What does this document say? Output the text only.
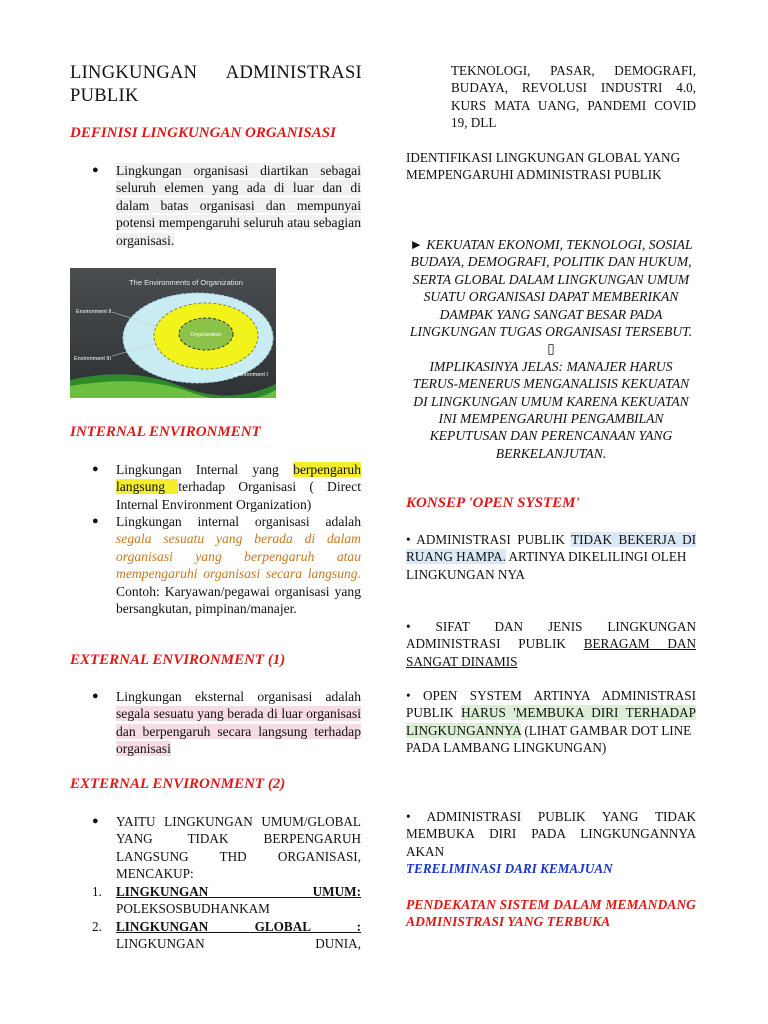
LINGKUNGAN ADMINISTRASI PUBLIK
DEFINISI LINGKUNGAN ORGANISASI
● Lingkungan organisasi diartikan sebagai seluruh elemen yang ada di luar dan di dalam batas organisasi dan mempunyai potensi mempengaruhi seluruh atau sebagian organisasi.
The Environments of Organization
Organization
Environment II
Environment III
Environment I
INTERNAL ENVIRONMENT
● Lingkungan Internal yang berpengaruh langsung terhadap Organisasi ( Direct Internal Environment Organization)
● Lingkungan internal organisasi adalah segala sesuatu yang berada di dalam organisasi yang berpengaruh atau mempengaruhi organisasi secara langsung. Contoh: Karyawan/pegawai organisasi yang bersangkutan, pimpinan/manajer.
EXTERNAL ENVIRONMENT (1)
● Lingkungan eksternal organisasi adalah segala sesuatu yang berada di luar organisasi dan berpengaruh secara langsung terhadap organisasi
EXTERNAL ENVIRONMENT (2)
● YAITU LINGKUNGAN UMUM/GLOBAL YANG TIDAK BERPENGARUH LANGSUNG THD ORGANISASI, MENCAKUP:
1. LINGKUNGAN UMUM:
POLEKSOSBUDHANKAM
2. LINGKUNGAN GLOBAL :
LINGKUNGAN DUNIA,
TEKNOLOGI, PASAR, DEMOGRAFI, BUDAYA, REVOLUSI INDUSTRI 4.0, KURS MATA UANG, PANDEMI COVID 19, DLL
IDENTIFIKASI LINGKUNGAN GLOBAL YANG
MEMPENGARUHI ADMINISTRASI PUBLIK
► KEKUATAN EKONOMI, TEKNOLOGI, SOSIAL BUDAYA, DEMOGRAFI, POLITIK DAN HUKUM, SERTA GLOBAL DALAM LINGKUNGAN UMUM SUATU ORGANISASI DAPAT MEMBERIKAN DAMPAK YANG SANGAT BESAR PADA LINGKUNGAN TUGAS ORGANISASI TERSEBUT.
▯
IMPLIKASINYA JELAS: MANAJER HARUS TERUS-MENERUS MENGANALISIS KEKUATAN DI LINGKUNGAN UMUM KARENA KEKUATAN INI MEMPENGARUHI PENGAMBILAN KEPUTUSAN DAN PERENCANAAN YANG BERKELANJUTAN.
KONSEP 'OPEN SYSTEM'
• ADMINISTRASI PUBLIK TIDAK BEKERJA DI RUANG HAMPA. ARTINYA DIKELILINGI OLEH
LINGKUNGAN NYA
• SIFAT DAN JENIS LINGKUNGAN ADMINISTRASI PUBLIK BERAGAM DAN SANGAT DINAMIS
• OPEN SYSTEM ARTINYA ADMINISTRASI PUBLIK HARUS 'MEMBUKA DIRI TERHADAP LINGKUNGANNYA (LIHAT GAMBAR DOT LINE
PADA LAMBANG LINGKUNGAN)
• ADMINISTRASI PUBLIK YANG TIDAK MEMBUKA DIRI PADA LINGKUNGANNYA AKAN
TERELIMINASI DARI KEMAJUAN
PENDEKATAN SISTEM DALAM MEMANDANG ADMINISTRASI YANG TERBUKA
